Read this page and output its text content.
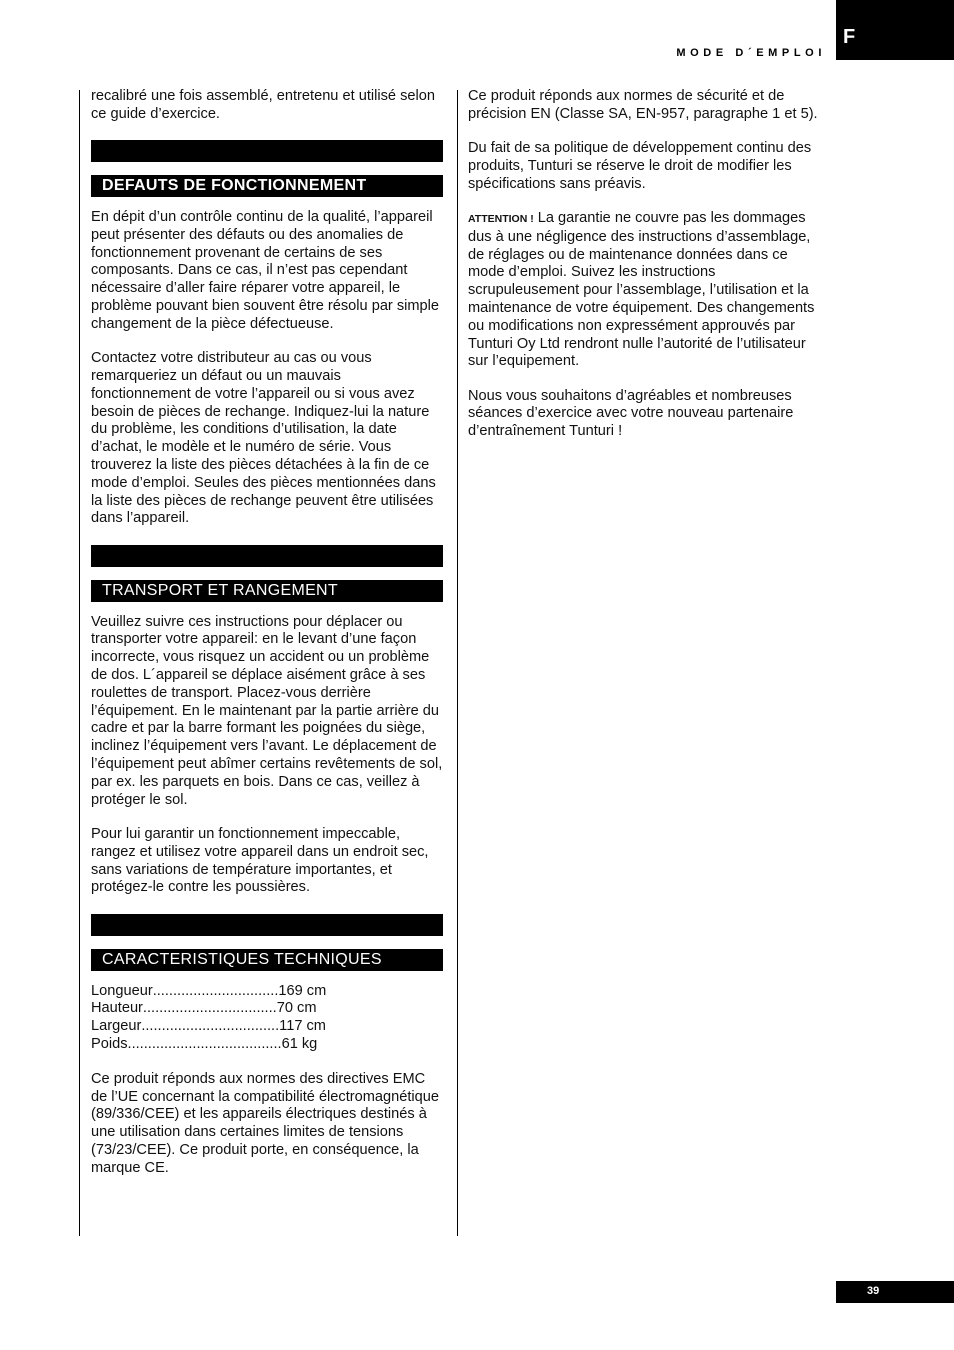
MODE D´EMPLOI
F

recalibré une fois assemblé, entretenu et utilisé selon ce guide d’exercice.

DEFAUTS DE FONCTIONNEMENT

En dépit d’un contrôle continu de la qualité, l’appareil peut présenter des défauts ou des anomalies de fonctionnement provenant de certains de ses composants. Dans ce cas, il n’est pas cependant nécessaire d’aller faire réparer votre appareil, le problème pouvant bien souvent être résolu par simple changement de la pièce défectueuse.

Contactez votre distributeur au cas ou vous remarqueriez un défaut ou un mauvais fonctionnement de votre l’appareil ou si vous avez besoin de pièces de rechange. Indiquez-lui la nature du problème, les conditions d’utilisation, la date d’achat, le modèle et le numéro de série. Vous trouverez la liste des pièces détachées à la fin de ce mode d’emploi. Seules des pièces mentionnées dans la liste des pièces de rechange peuvent être utilisées dans l’appareil.

TRANSPORT ET RANGEMENT

Veuillez suivre ces instructions pour déplacer ou transporter votre appareil: en le levant d’une façon incorrecte, vous risquez un accident ou un problème de dos. L´appareil se déplace aisément grâce à ses roulettes de transport. Placez-vous derrière l’équipement. En le maintenant par la partie arrière du cadre et par la barre formant les poignées du siège, inclinez l’équipement vers l’avant. Le déplacement de l’équipement peut abîmer certains revêtements de sol, par ex. les parquets en bois. Dans ce cas, veillez à protéger le sol.

Pour lui garantir un fonctionnement impeccable, rangez et utilisez votre appareil dans un endroit sec, sans variations de température importantes, et protégez-le contre les poussières.

CARACTERISTIQUES TECHNIQUES
Longueur ............................... 169 cm
Hauteur ................................. 70 cm
Largeur .................................. 117 cm
Poids ...................................... 61 kg

Ce produit réponds aux normes des directives EMC de l’UE concernant la compatibilité électromagnétique (89/336/CEE) et les appareils électriques destinés à une utilisation dans certaines limites de tensions (73/23/CEE). Ce produit porte, en conséquence, la marque CE.

Ce produit réponds aux normes de sécurité et de précision EN (Classe SA, EN-957, paragraphe 1 et 5).

Du fait de sa politique de développement continu des produits, Tunturi se réserve le droit de modifier les spécifications sans préavis.

ATTENTION ! La garantie ne couvre pas les dommages dus à une négligence des instructions d’assemblage, de réglages ou de maintenance données dans ce mode d’emploi. Suivez les instructions scrupuleusement pour l’assemblage, l’utilisation et la maintenance de votre équipement. Des changements ou modifications non expressément approuvés par Tunturi Oy Ltd rendront nulle l’autorité de l’utilisateur sur l’equipement.

Nous vous souhaitons d’agréables et nombreuses séances d’exercice avec votre nouveau partenaire d’entraînement Tunturi !

39
